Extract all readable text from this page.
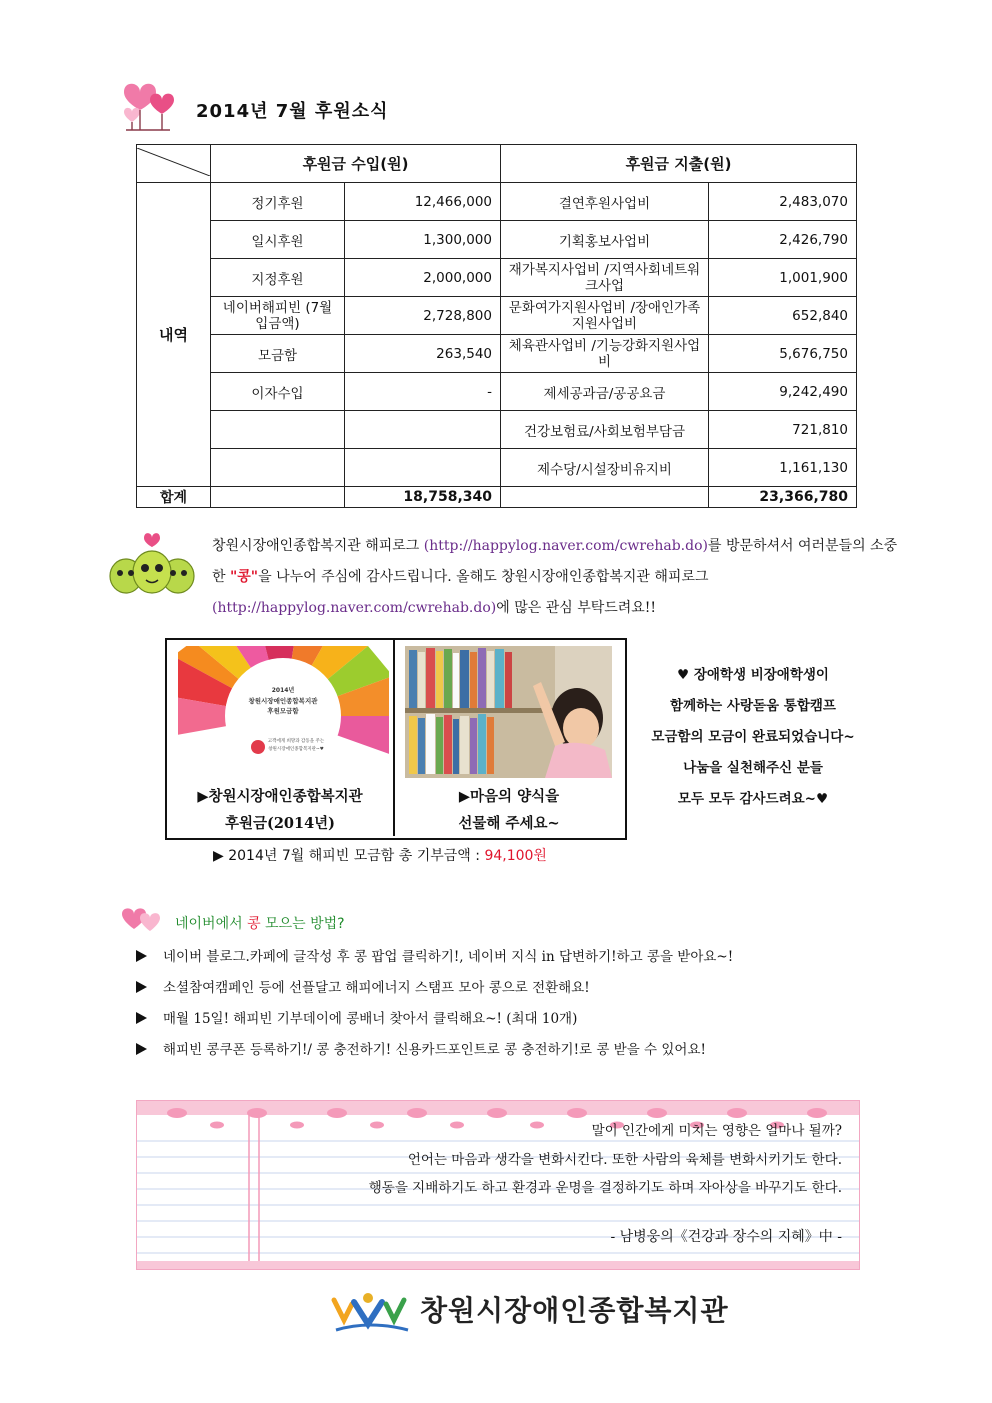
2014년 7월 후원소식
	후원금 수입(원)		후원금 지출(원)	
내역	정기후원	12,466,000	결연후원사업비	2,483,070
	일시후원	1,300,000	기획홍보사업비	2,426,790
	지정후원	2,000,000	재가복지사업비 /지역사회네트워크사업	1,001,900
	네이버해피빈 (7월입금액)	2,728,800	문화여가지원사업비 /장애인가족지원사업비	652,840
	모금함	263,540	체육관사업비 /기능강화지원사업비	5,676,750
	이자수입	-	제세공과금/공공요금	9,242,490
			건강보험료/사회보험부담금	721,810
			제수당/시설장비유지비	1,161,130
합계		18,758,340		23,366,780
창원시장애인종합복지관 해피로그 (http://happylog.naver.com/cwrehab.do)를 방문하셔서 여러분들의 소중한 "콩"을 나누어 주심에 감사드립니다. 올해도 창원시장애인종합복지관 해피로그
(http://happylog.naver.com/cwrehab.do)에 많은 관심 부탁드려요!!
2014년
창원시장애인종합복지관
후원모금함
고객에게 희망과 감동을 주는
창원시장애인종합복지관~♥
▶창원시장애인종합복지관
후원금(2014년)
▶마음의 양식을
선물해 주세요~
♥ 장애학생 비장애학생이
함께하는 사랑돋움 통합캠프
모금함의 모금이 완료되었습니다~
나눔을 실천해주신 분들
모두 모두 감사드려요~♥
▶ 2014년 7월 해피빈 모금함 총 기부금액 : 94,100원
네이버에서 콩 모으는 방법?
네이버 블로그.카페에 글작성 후 콩 팝업 클릭하기!, 네이버 지식 in 답변하기!하고 콩을 받아요~!
소셜참여캠페인 등에 선플달고 해피에너지 스탬프 모아 콩으로 전환해요!
매월 15일! 해피빈 기부데이에 콩배너 찾아서 클릭해요~! (최대 10개)
해피빈 콩쿠폰 등록하기!/ 콩 충전하기! 신용카드포인트로 콩 충전하기!로 콩 받을 수 있어요!
말이 인간에게 미치는 영향은 얼마나 될까?
언어는 마음과 생각을 변화시킨다. 또한 사람의 육체를 변화시키기도 한다.
행동을 지배하기도 하고 환경과 운명을 결정하기도 하며 자아상을 바꾸기도 한다.
- 남병웅의《건강과 장수의 지혜》中 -
창원시장애인종합복지관
